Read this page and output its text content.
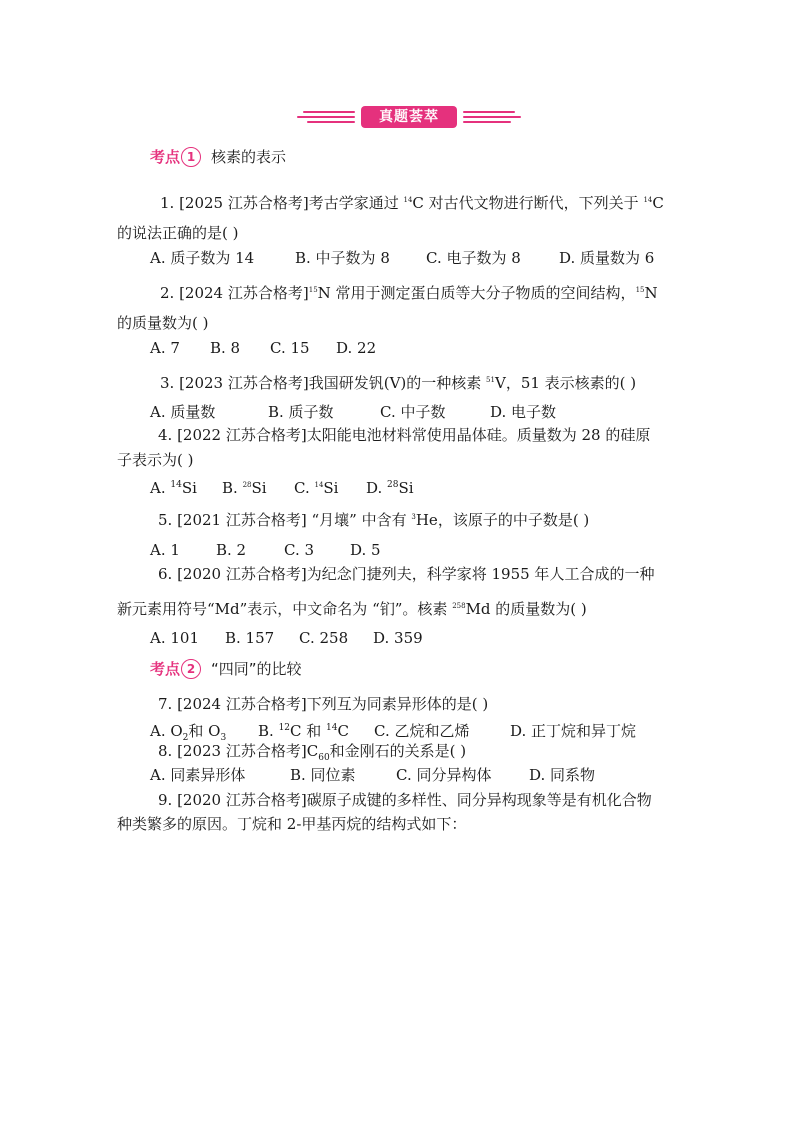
真题荟萃
考点 1	核素的表示
1. [2025 江苏合格考]考古学家通过 $^{14}$C 对古代文物进行断代，下列关于 $^{14}$C
的说法正确的是( )
A. 质子数为 14	B. 中子数为 8 C. 电子数为 8	D. 质量数为 6
2. [2024 江苏合格考]$^{15}$N 常用于测定蛋白质等大分子物质的空间结构，$^{15}$N
的质量数为( )
A. 7 B. 8 C. 15 D. 22
3. [2023 江苏合格考]我国研发钒(V)的一种核素 $^{51}$V，51 表示核素的( )
A. 质量数	B. 质子数	C. 中子数	D. 电子数
4. [2022 江苏合格考]太阳能电池材料常使用晶体硅。质量数为 28 的硅原
子表示为( )
A. $^{14}$Si B. $^{28}$Si C. $^{14}$Si D. $^{28}$Si
5. [2021 江苏合格考] “月壤” 中含有 $^3$He，该原子的中子数是( )
A. 1 B. 2	C. 3 D. 5
6. [2020 江苏合格考]为纪念门捷列夫，科学家将 1955 年人工合成的一种
新元素用符号“Md”表示，中文命名为 “钔”。核素 $^{258}$Md 的质量数为( )
A. 101 B. 157 C. 258 D. 359
考点 2	“四同”的比较
7. [2024 江苏合格考]下列互为同素异形体的是( )
A. $O_2$和 $O_3$ B. $^{12}$C 和 $^{14}$C C. 乙烷和乙烯	D. 正丁烷和异丁烷
8. [2023 江苏合格考]$C_{60}$和金刚石的关系是( )
A. 同素异形体	B. 同位素	C. 同分异构体	D. 同系物
9. [2020 江苏合格考]碳原子成键的多样性、同分异构现象等是有机化合物
种类繁多的原因。丁烷和 2-甲基丙烷的结构式如下：
